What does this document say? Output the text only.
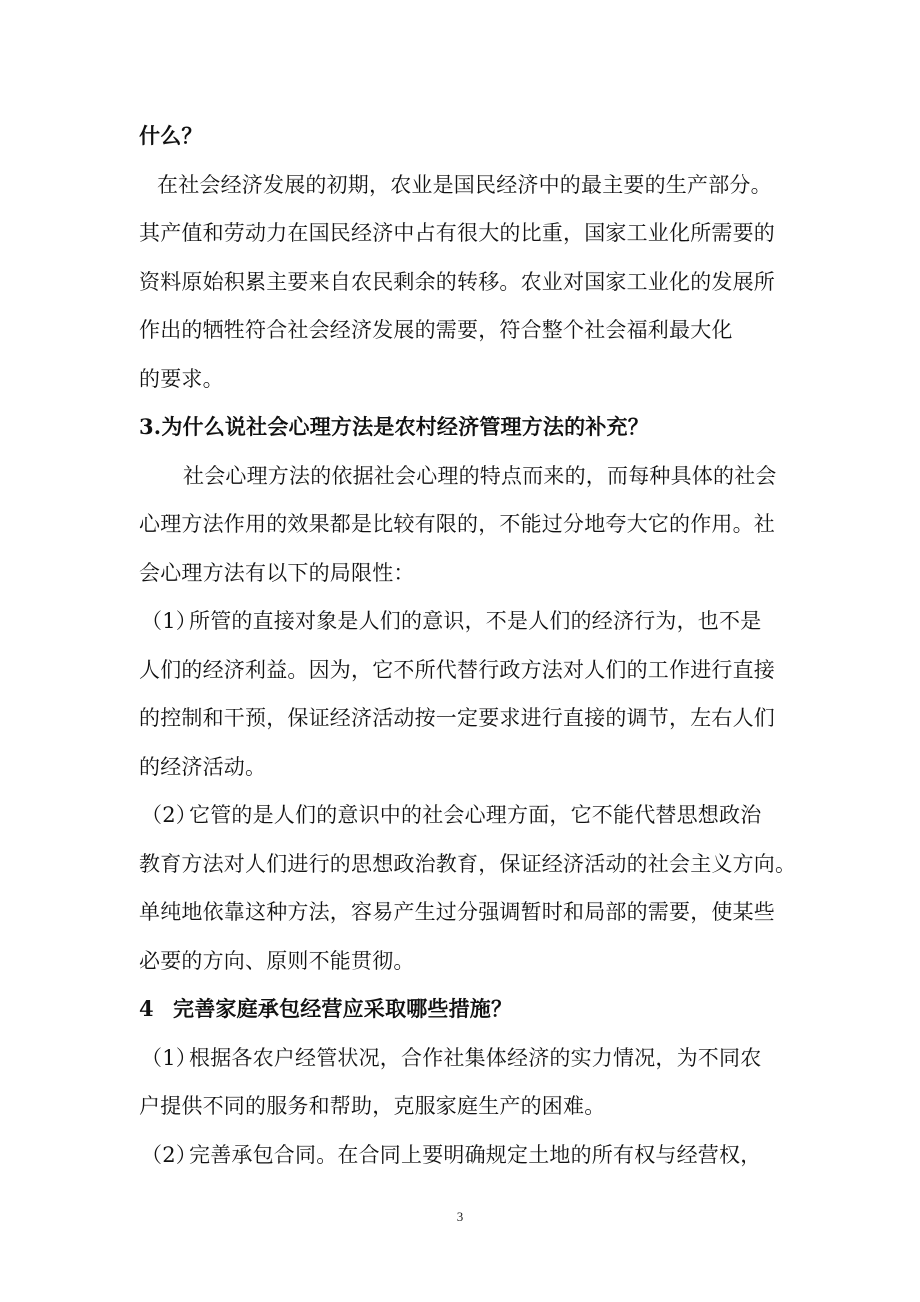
什么？
在社会经济发展的初期，农业是国民经济中的最主要的生产部分。
其产值和劳动力在国民经济中占有很大的比重，国家工业化所需要的
资料原始积累主要来自农民剩余的转移。农业对国家工业化的发展所
作出的牺牲符合社会经济发展的需要，符合整个社会福利最大化
的要求。
3.为什么说社会心理方法是农村经济管理方法的补充？
社会心理方法的依据社会心理的特点而来的，而每种具体的社会
心理方法作用的效果都是比较有限的，不能过分地夸大它的作用。社
会心理方法有以下的局限性：
（1）所管的直接对象是人们的意识，不是人们的经济行为，也不是
人们的经济利益。因为，它不所代替行政方法对人们的工作进行直接
的控制和干预，保证经济活动按一定要求进行直接的调节，左右人们
的经济活动。
（2）它管的是人们的意识中的社会心理方面，它不能代替思想政治
教育方法对人们进行的思想政治教育，保证经济活动的社会主义方向。
单纯地依靠这种方法，容易产生过分强调暂时和局部的需要，使某些
必要的方向、原则不能贯彻。
4 完善家庭承包经营应采取哪些措施？
（1）根据各农户经管状况，合作社集体经济的实力情况，为不同农
户提供不同的服务和帮助，克服家庭生产的困难。
（2）完善承包合同。在合同上要明确规定土地的所有权与经营权，
3
